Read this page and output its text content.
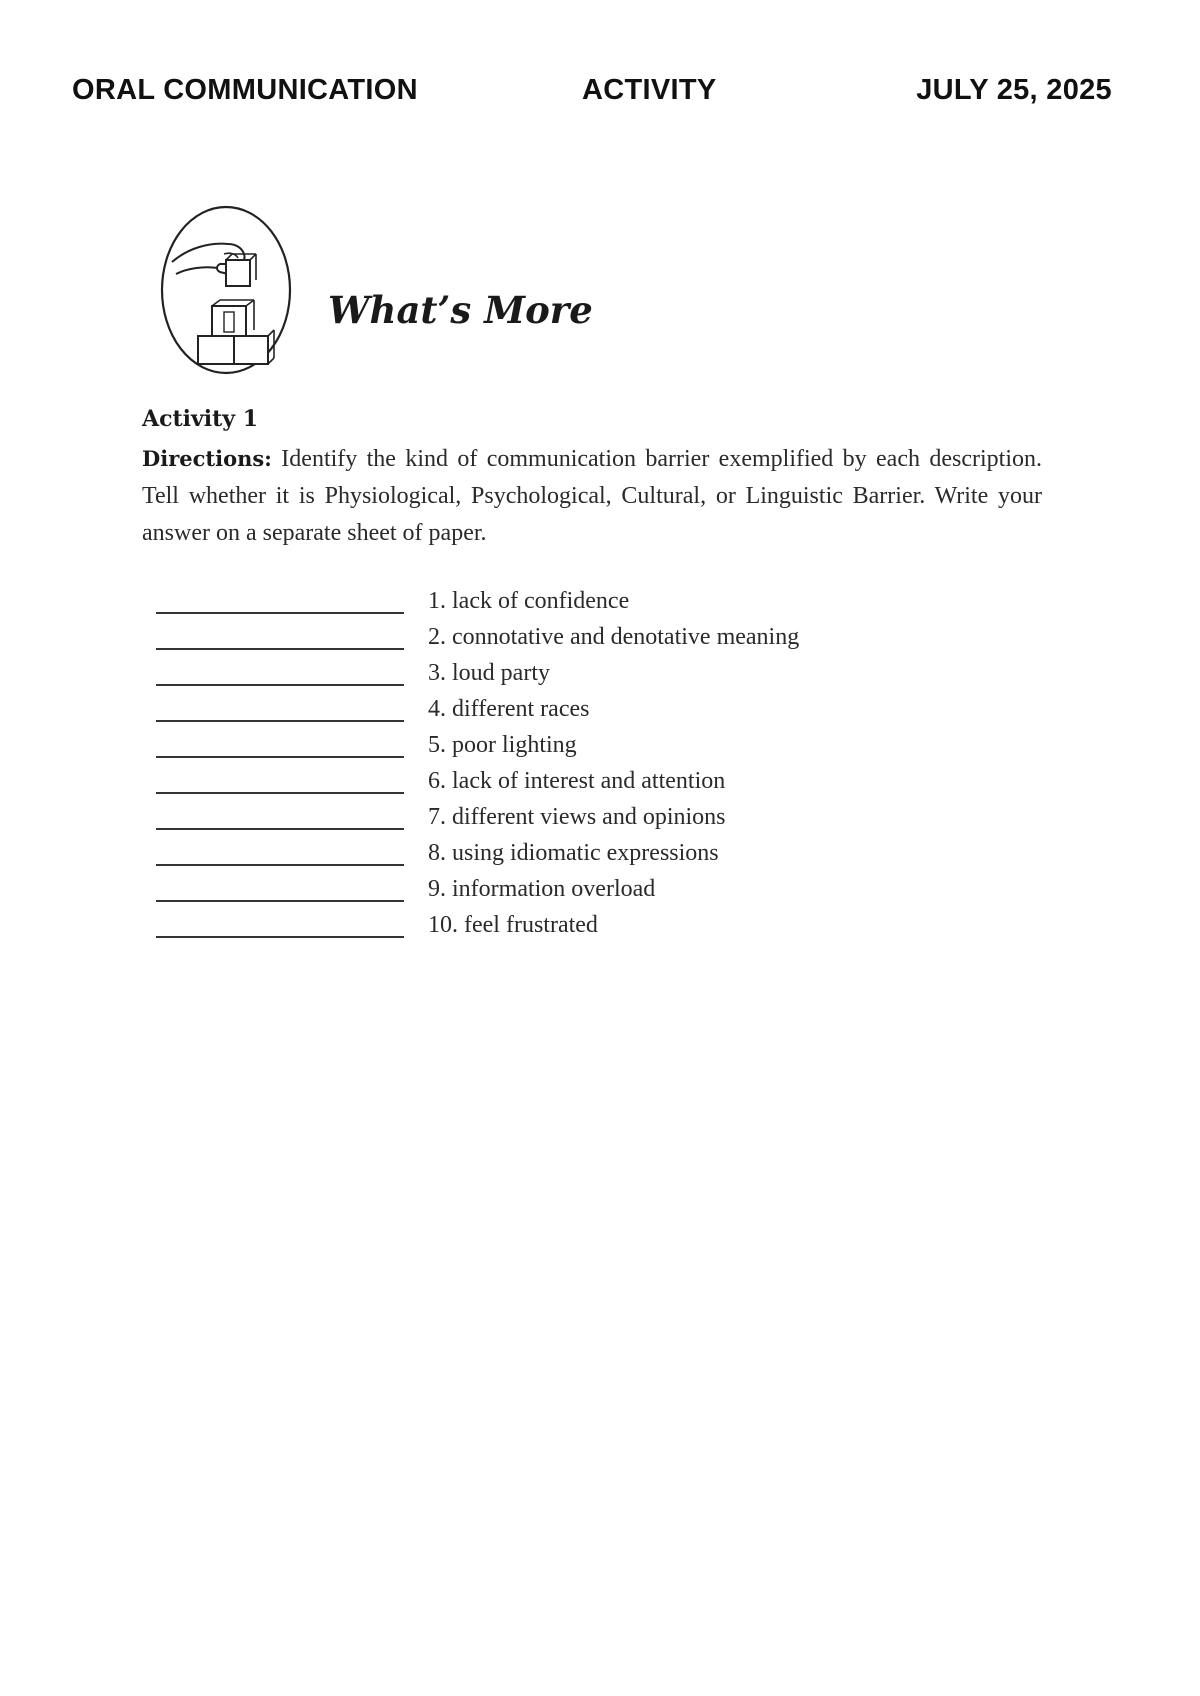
ORAL COMMUNICATION	ACTIVITY	JULY 25, 2025
What’s More

Activity 1

Directions: Identify the kind of communication barrier exemplified by each description. Tell whether it is Physiological, Psychological, Cultural, or Linguistic Barrier. Write your answer on a separate sheet of paper.

1. lack of confidence
2. connotative and denotative meaning
3. loud party
4. different races
5. poor lighting
6. lack of interest and attention
7. different views and opinions
8. using idiomatic expressions
9. information overload
10. feel frustrated
